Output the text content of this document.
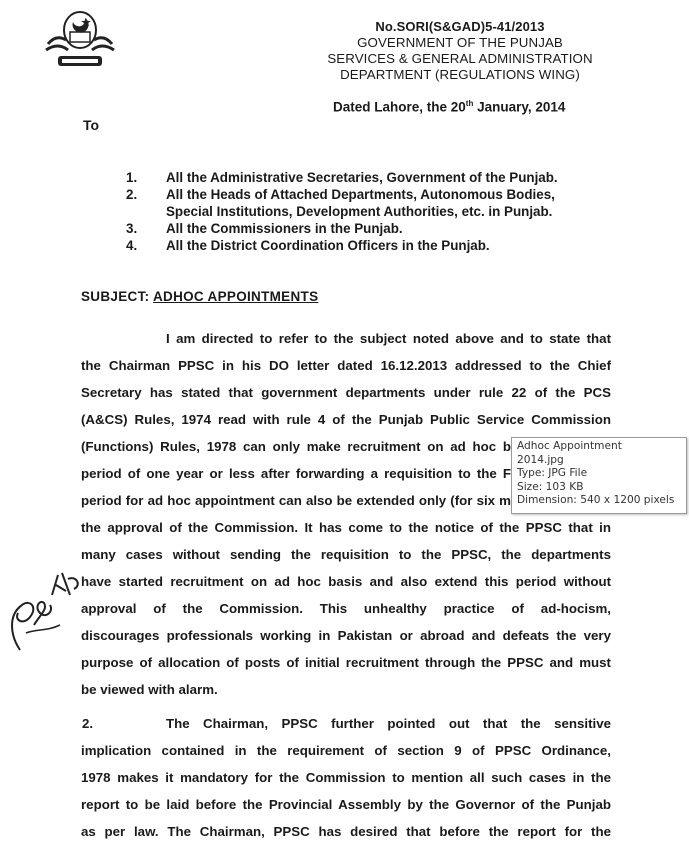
No.SORI(S&GAD)5-41/2013
GOVERNMENT OF THE PUNJAB
SERVICES & GENERAL ADMINISTRATION
DEPARTMENT (REGULATIONS WING)
Dated Lahore, the 20th January, 2014
To
1. All the Administrative Secretaries, Government of the Punjab.
2. All the Heads of Attached Departments, Autonomous Bodies,
Special Institutions, Development Authorities, etc. in Punjab.
3. All the Commissioners in the Punjab.
4. All the District Coordination Officers in the Punjab.
SUBJECT: ADHOC APPOINTMENTS
I am directed to refer to the subject noted above and to state that
the Chairman PPSC in his DO letter dated 16.12.2013 addressed to the Chief
Secretary has stated that government departments under rule 22 of the PCS
(A&CS) Rules, 1974 read with rule 4 of the Punjab Public Service Commission
(Functions) Rules, 1978 can only make recruitment on ad hoc b
period of one year or less after forwarding a requisition to the F
period for ad hoc appointment can also be extended only (for six m
the approval of the Commission. It has come to the notice of the PPSC that in
many cases without sending the requisition to the PPSC, the departments
have started recruitment on ad hoc basis and also extend this period without
approval of the Commission. This unhealthy practice of ad-hocism,
discourages professionals working in Pakistan or abroad and defeats the very
purpose of allocation of posts of initial recruitment through the PPSC and must
be viewed with alarm.
2.	The Chairman, PPSC further pointed out that the sensitive
implication contained in the requirement of section 9 of PPSC Ordinance,
1978 makes it mandatory for the Commission to mention all such cases in the
report to be laid before the Provincial Assembly by the Governor of the Punjab
as per law. The Chairman, PPSC has desired that before the report for the
Adhoc Appointment
2014.jpg
Type: JPG File
Size: 103 KB
Dimension: 540 x 1200 pixels
